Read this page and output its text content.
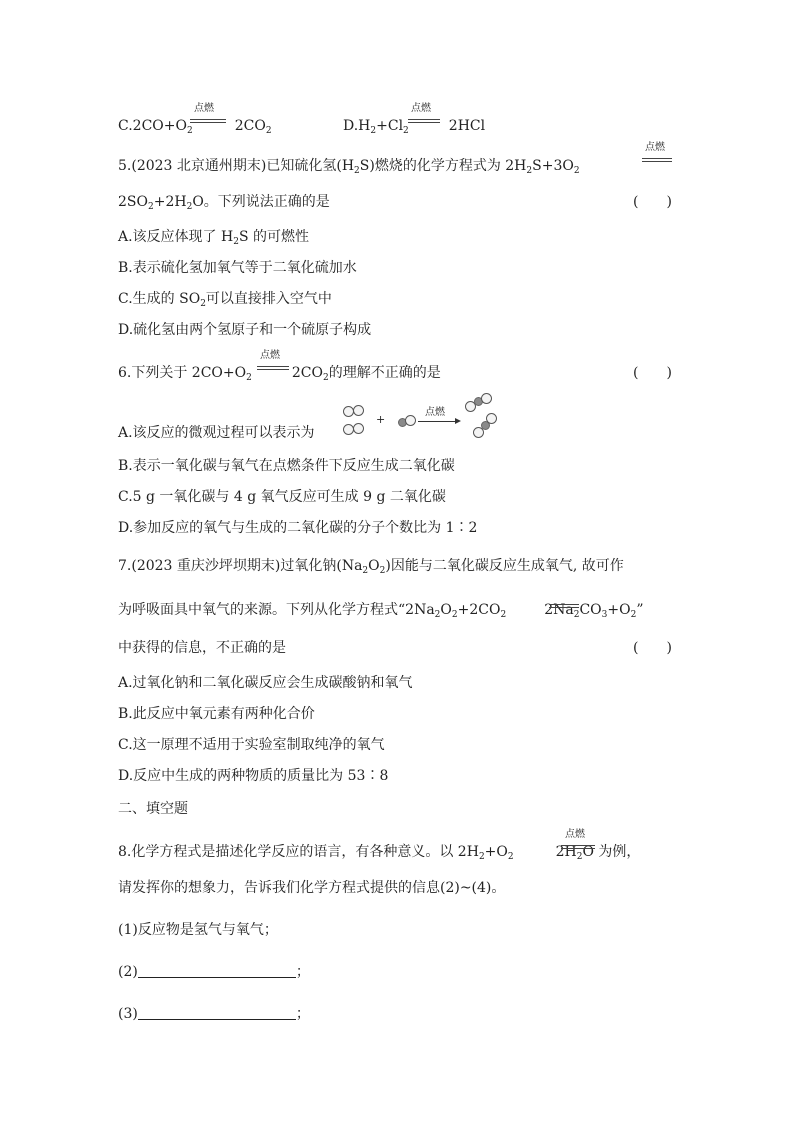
$C.2CO+O_2$	$2CO_2$
点燃
$D.H_2+Cl_2$	2HCl
点燃
5.(2023 北京通州期末)已知硫化氢$(H_2S)$燃烧的化学方程式为 $2H_2S+3O_2$
点燃
$2SO_2+2H_2O$。下列说法正确的是	(　　)
A.该反应体现了 $H_2S$ 的可燃性
B.表示硫化氢加氧气等于二氧化硫加水
C.生成的 $SO_2$可以直接排入空气中
D.硫化氢由两个氢原子和一个硫原子构成
6.下列关于 $2CO+O_2$	$2CO_2$的理解不正确的是
点燃
(　　)
A.该反应的微观过程可以表示为
+
点燃
B.表示一氧化碳与氧气在点燃条件下反应生成二氧化碳
C.5 g 一氧化碳与 4 g 氧气反应可生成 9 g 二氧化碳
D.参加反应的氧气与生成的二氧化碳的分子个数比为 1∶2
7.(2023 重庆沙坪坝期末)过氧化钠$(Na_2O_2)$因能与二氧化碳反应生成氧气, 故可作
为呼吸面具中氧气的来源。下列从化学方程式“$2Na_2O_2+2CO_2$	$2Na_2CO_3+O_2$”
中获得的信息，不正确的是	(　　)
A.过氧化钠和二氧化碳反应会生成碳酸钠和氧气
B.此反应中氧元素有两种化合价
C.这一原理不适用于实验室制取纯净的氧气
D.反应中生成的两种物质的质量比为 53∶8
二、填空题
8.化学方程式是描述化学反应的语言，有各种意义。以 $2H_2+O_2$	$2H_2O$ 为例，
点燃
请发挥你的想象力，告诉我们化学方程式提供的信息(2)~(4)。
(1)反应物是氢气与氧气；
(2)	；
(3)	；
